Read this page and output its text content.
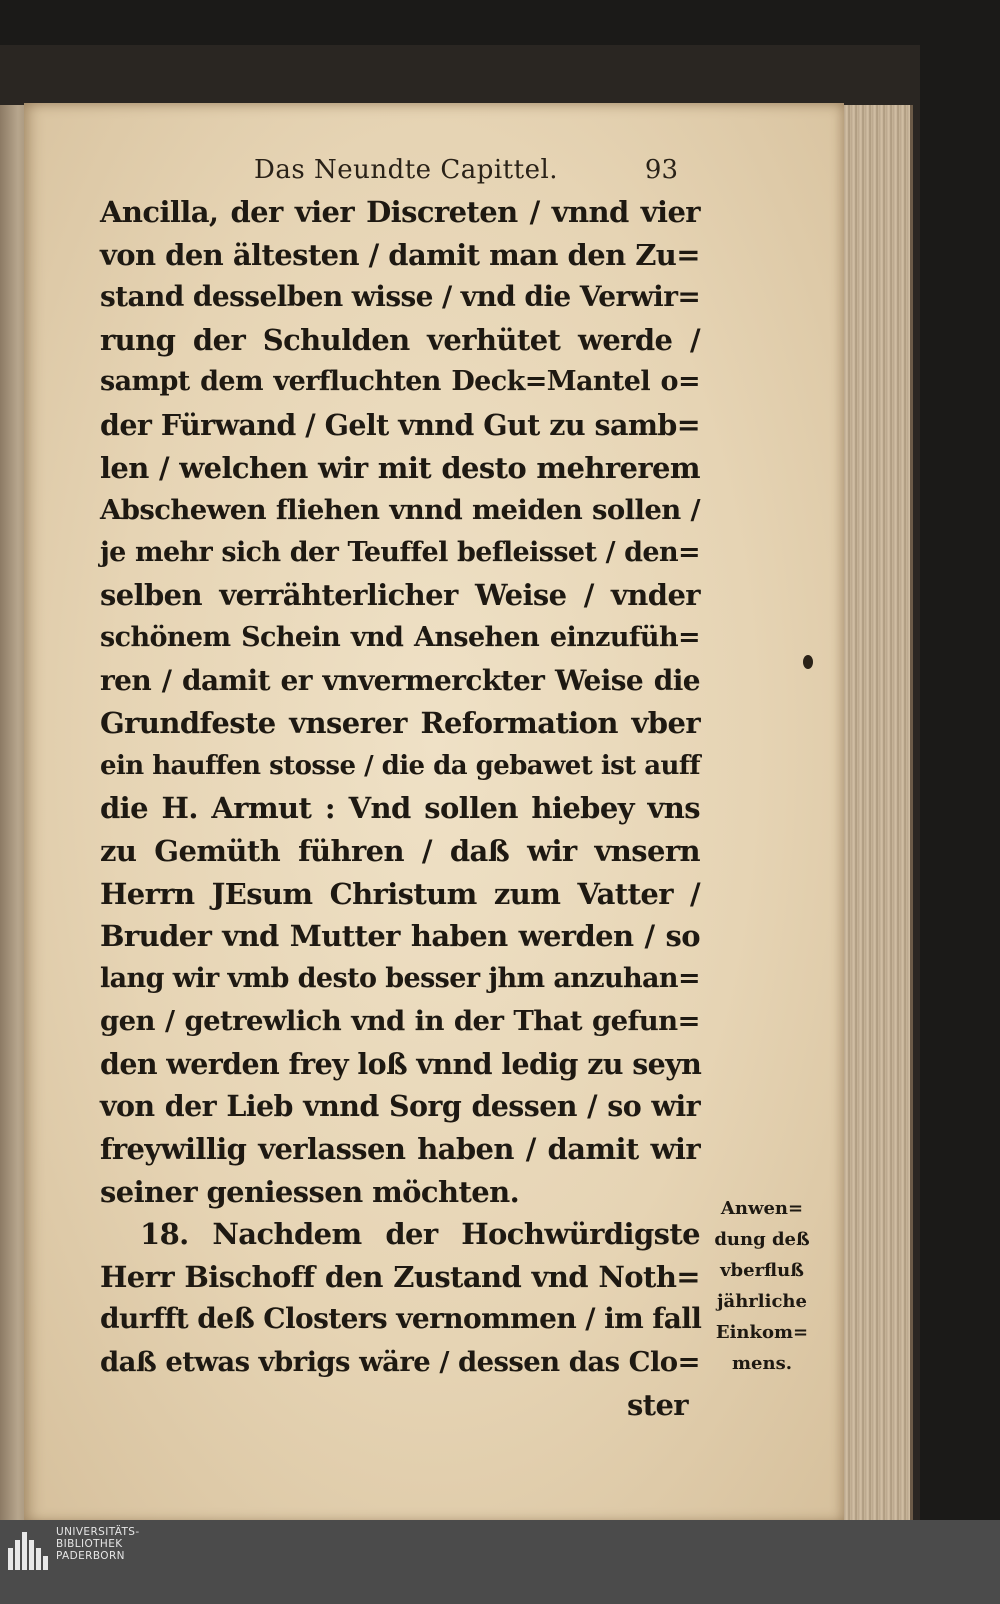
Das Neundte Capittel.	93
Ancilla, der vier Discreten / vnnd vier
von den ältesten / damit man den Zu=
stand desselben wisse / vnd die Verwir=
rung der Schulden verhütet werde /
sampt dem verfluchten Deck=Mantel o=
der Fürwand / Gelt vnnd Gut zu samb=
len / welchen wir mit desto mehrerem
Abschewen fliehen vnnd meiden sollen /
je mehr sich der Teuffel befleisset / den=
selben verrähterlicher Weise / vnder
schönem Schein vnd Ansehen einzufüh=
ren / damit er vnvermerckter Weise die
Grundfeste vnserer Reformation vber
ein hauffen stosse / die da gebawet ist auff
die H. Armut : Vnd sollen hiebey vns
zu Gemüth führen / daß wir vnsern
Herrn JEsum Christum zum Vatter /
Bruder vnd Mutter haben werden / so
lang wir vmb desto besser jhm anzuhan=
gen / getrewlich vnd in der That gefun=
den werden frey loß vnnd ledig zu seyn
von der Lieb vnnd Sorg dessen / so wir
freywillig verlassen haben / damit wir
seiner geniessen möchten.
18. Nachdem der Hochwürdigste
Herr Bischoff den Zustand vnd Noth=
durfft deß Closters vernommen / im fall
daß etwas vbrigs wäre / dessen das Clo=
ster
Anwen=
dung deß
vberfluß
jährliche
Einkom=
mens.
UNIVERSITÄTS-
BIBLIOTHEK
PADERBORN
